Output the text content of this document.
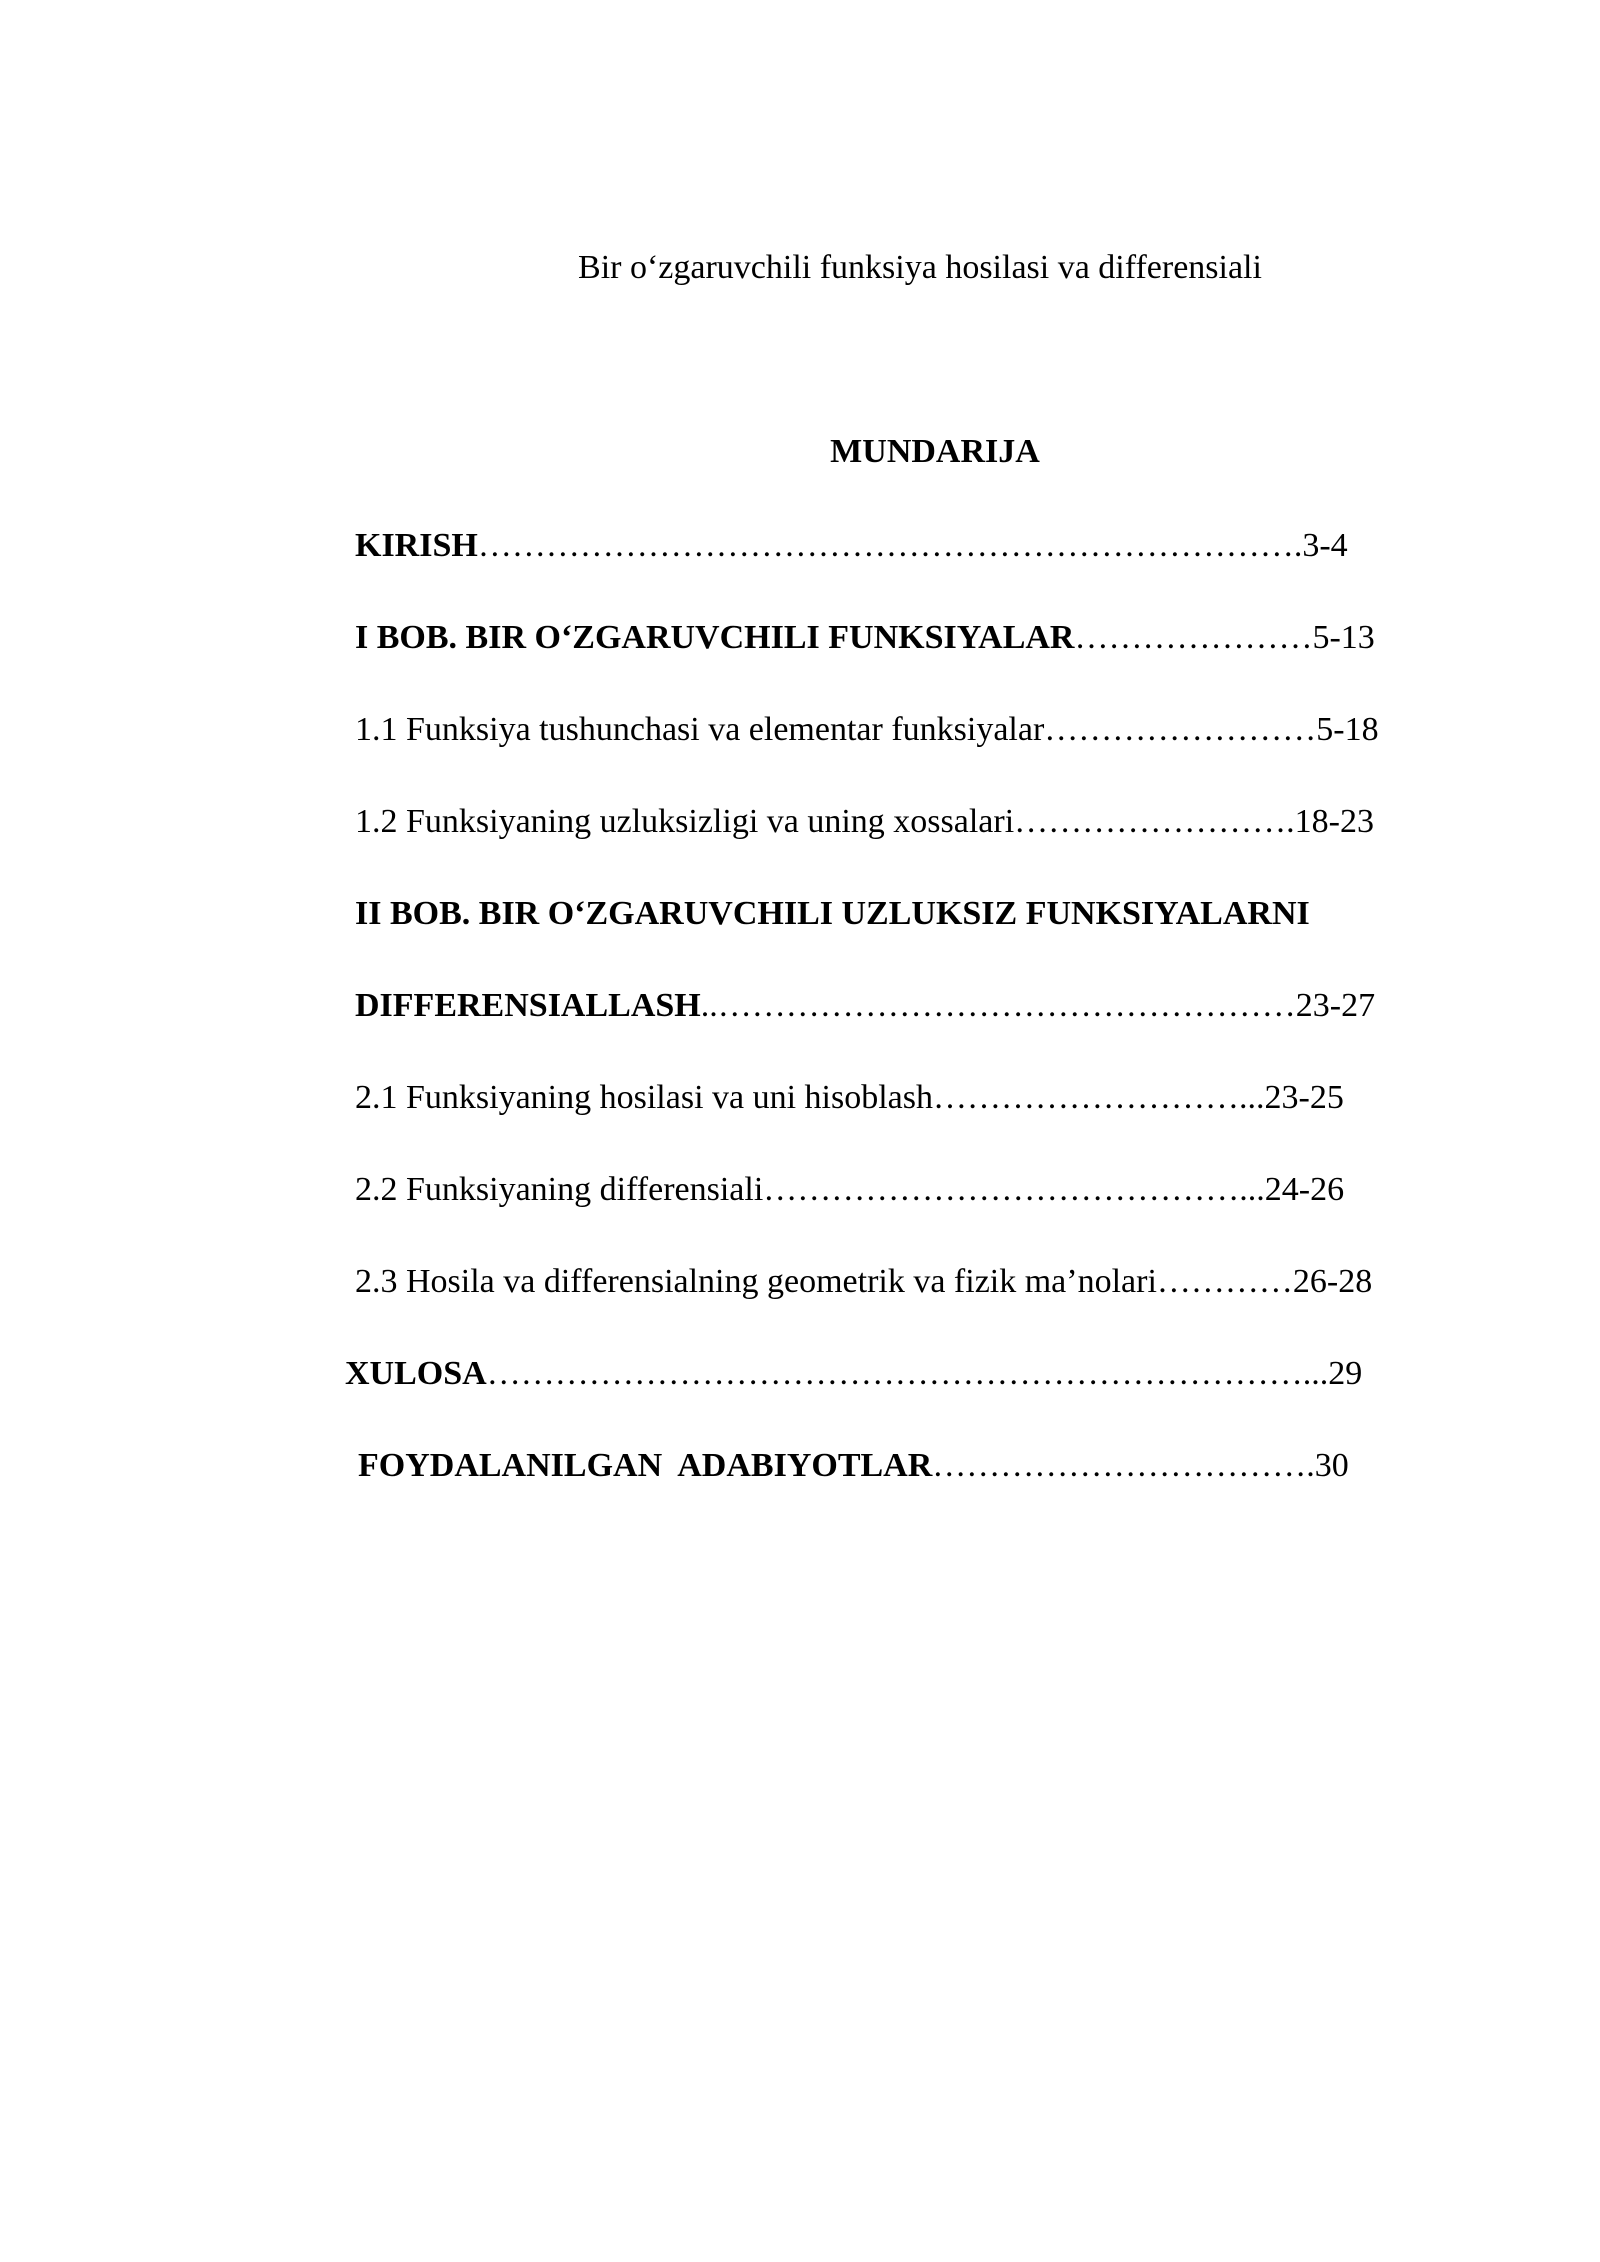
Bir o‘zgaruvchili funksiya hosilasi va differensiali
MUNDARIJA
KIRISH……………………………………………………………….3-4
I BOB. BIR O‘ZGARUVCHILI FUNKSIYALAR…………………5-13
1.1 Funksiya tushunchasi va elementar funksiyalar……………………5-18
1.2 Funksiyaning uzluksizligi va uning xossalari…………………….18-23
II BOB. BIR O‘ZGARUVCHILI UZLUKSIZ FUNKSIYALARNI
DIFFERENSIALLASH..……………………………………………23-27
2.1 Funksiyaning hosilasi va uni hisoblash………………………...23-25
2.2 Funksiyaning differensiali……………………………………...24-26
2.3 Hosila va differensialning geometrik va fizik ma’nolari…………26-28
XULOSA………………………………………………………………...29
FOYDALANILGAN  ADABIYOTLAR…………………………….30
